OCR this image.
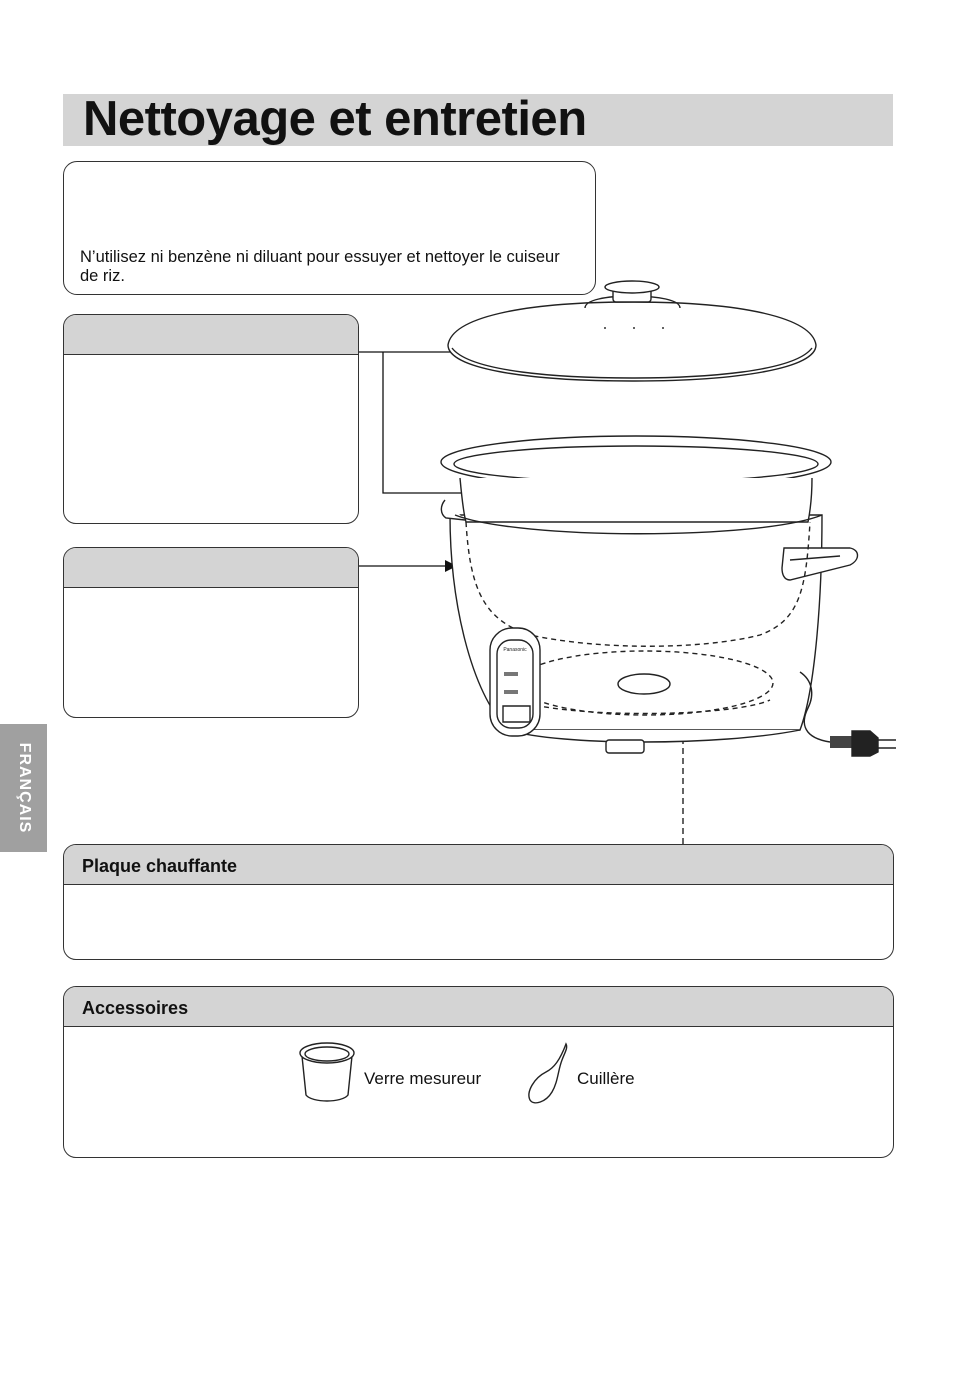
Nettoyage et entretien

N’utilisez ni benzène ni diluant pour essuyer et nettoyer le cuiseur de riz.

Plaque chauffante
Accessoires
FRANÇAIS
Verre mesureur	Cuillère
Panasonic
